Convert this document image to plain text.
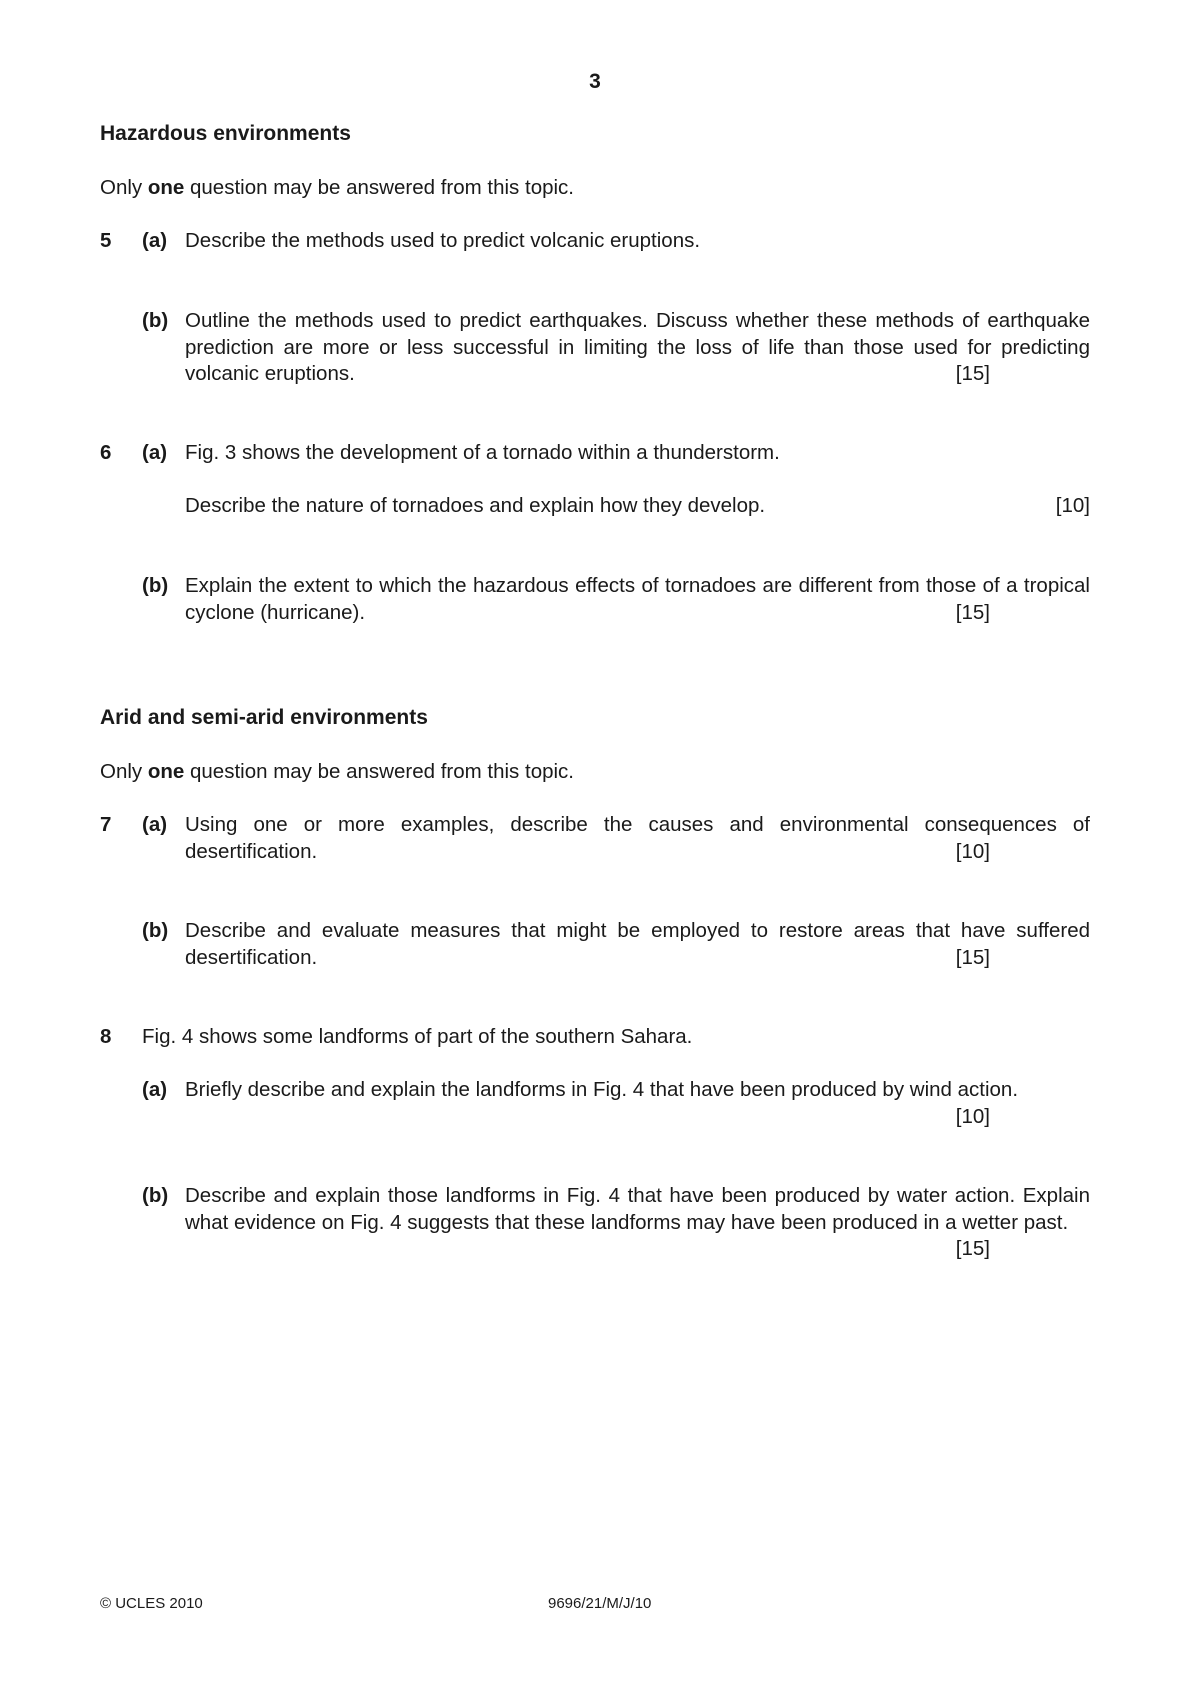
3
Hazardous environments
Only one question may be answered from this topic.
5 (a) Describe the methods used to predict volcanic eruptions.
(b) Outline the methods used to predict earthquakes. Discuss whether these methods of earthquake prediction are more or less successful in limiting the loss of life than those used for predicting volcanic eruptions.	[15]
6 (a) Fig. 3 shows the development of a tornado within a thunderstorm.
Describe the nature of tornadoes and explain how they develop.	[10]
(b) Explain the extent to which the hazardous effects of tornadoes are different from those of a tropical cyclone (hurricane).	[15]
Arid and semi-arid environments
Only one question may be answered from this topic.
7 (a) Using one or more examples, describe the causes and environmental consequences of desertification.	[10]
(b) Describe and evaluate measures that might be employed to restore areas that have suffered desertification.	[15]
8 Fig. 4 shows some landforms of part of the southern Sahara.
(a) Briefly describe and explain the landforms in Fig. 4 that have been produced by wind action.
[10]
(b) Describe and explain those landforms in Fig. 4 that have been produced by water action. Explain what evidence on Fig. 4 suggests that these landforms may have been produced in a wetter past.
[15]
© UCLES 2010	9696/21/M/J/10
